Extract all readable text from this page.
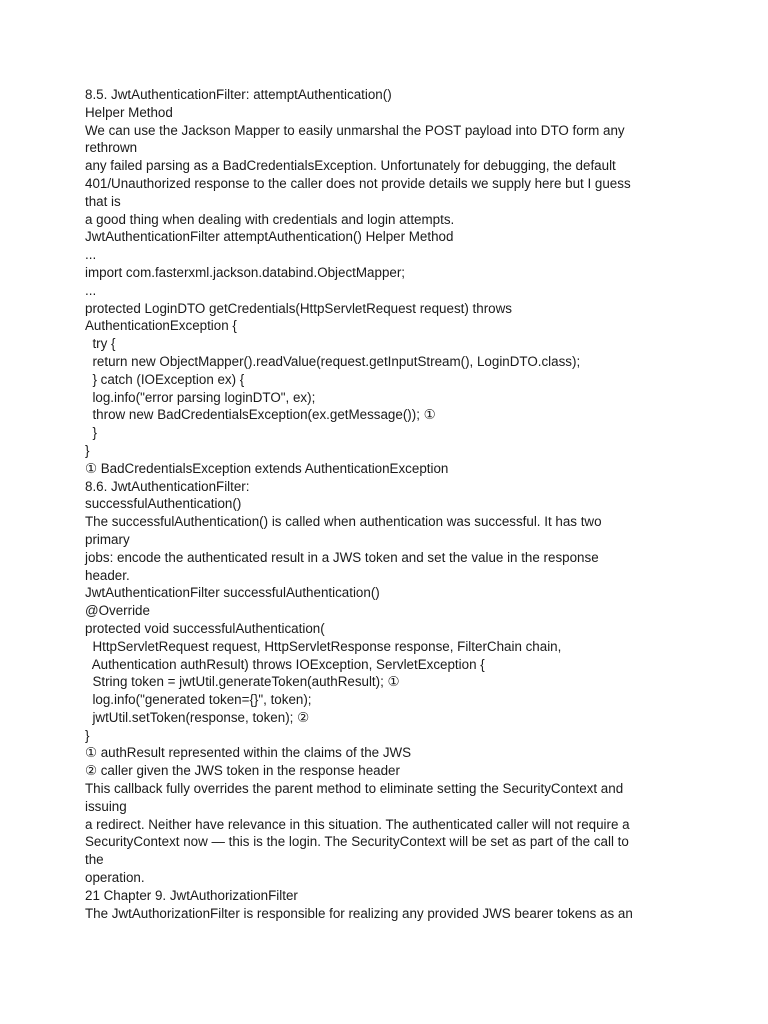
8.5. JwtAuthenticationFilter: attemptAuthentication()
Helper Method
We can use the Jackson Mapper to easily unmarshal the POST payload into DTO form any
rethrown
any failed parsing as a BadCredentialsException. Unfortunately for debugging, the default
401/Unauthorized response to the caller does not provide details we supply here but I guess
that is
a good thing when dealing with credentials and login attempts.
JwtAuthenticationFilter attemptAuthentication() Helper Method
...
import com.fasterxml.jackson.databind.ObjectMapper;
...
protected LoginDTO getCredentials(HttpServletRequest request) throws
AuthenticationException {
try {
return new ObjectMapper().readValue(request.getInputStream(), LoginDTO.class);
} catch (IOException ex) {
log.info("error parsing loginDTO", ex);
throw new BadCredentialsException(ex.getMessage()); ①
}
}
① BadCredentialsException extends AuthenticationException
8.6. JwtAuthenticationFilter:
successfulAuthentication()
The successfulAuthentication() is called when authentication was successful. It has two
primary
jobs: encode the authenticated result in a JWS token and set the value in the response
header.
JwtAuthenticationFilter successfulAuthentication()
@Override
protected void successfulAuthentication(
HttpServletRequest request, HttpServletResponse response, FilterChain chain,
Authentication authResult) throws IOException, ServletException {
String token = jwtUtil.generateToken(authResult); ①
log.info("generated token={}", token);
jwtUtil.setToken(response, token); ②
}
① authResult represented within the claims of the JWS
② caller given the JWS token in the response header
This callback fully overrides the parent method to eliminate setting the SecurityContext and
issuing
a redirect. Neither have relevance in this situation. The authenticated caller will not require a
SecurityContext now — this is the login. The SecurityContext will be set as part of the call to
the
operation.
21 Chapter 9. JwtAuthorizationFilter
The JwtAuthorizationFilter is responsible for realizing any provided JWS bearer tokens as an
